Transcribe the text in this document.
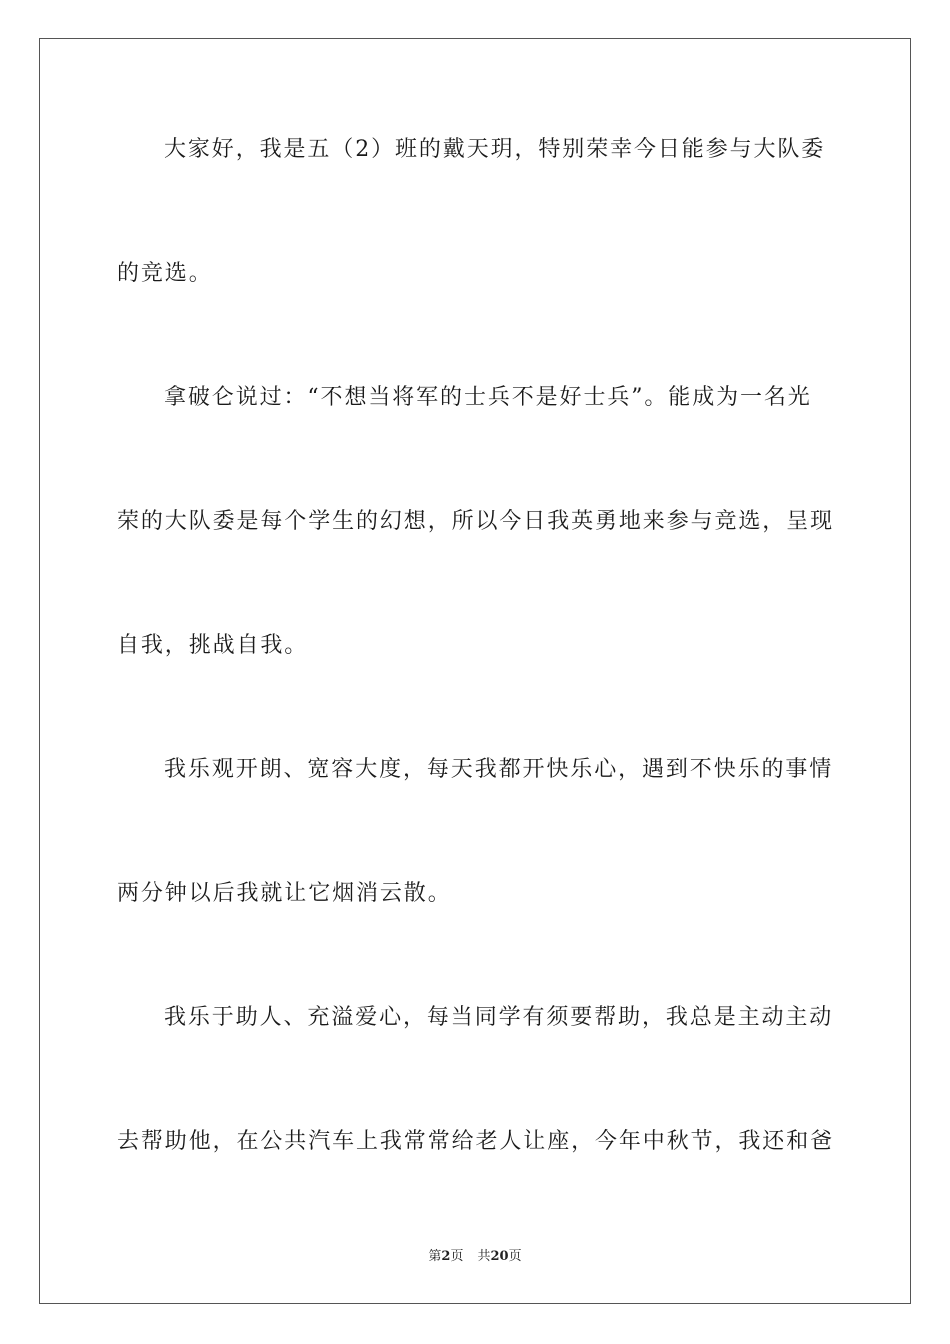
大家好，我是五（2）班的戴天玥，特别荣幸今日能参与大队委
的竞选。
拿破仑说过：“不想当将军的士兵不是好士兵”。能成为一名光
荣的大队委是每个学生的幻想，所以今日我英勇地来参与竞选，呈现
自我，挑战自我。
我乐观开朗、宽容大度，每天我都开快乐心，遇到不快乐的事情
两分钟以后我就让它烟消云散。
我乐于助人、充溢爱心，每当同学有须要帮助，我总是主动主动
去帮助他，在公共汽车上我常常给老人让座，今年中秋节，我还和爸
第2页 共20页
